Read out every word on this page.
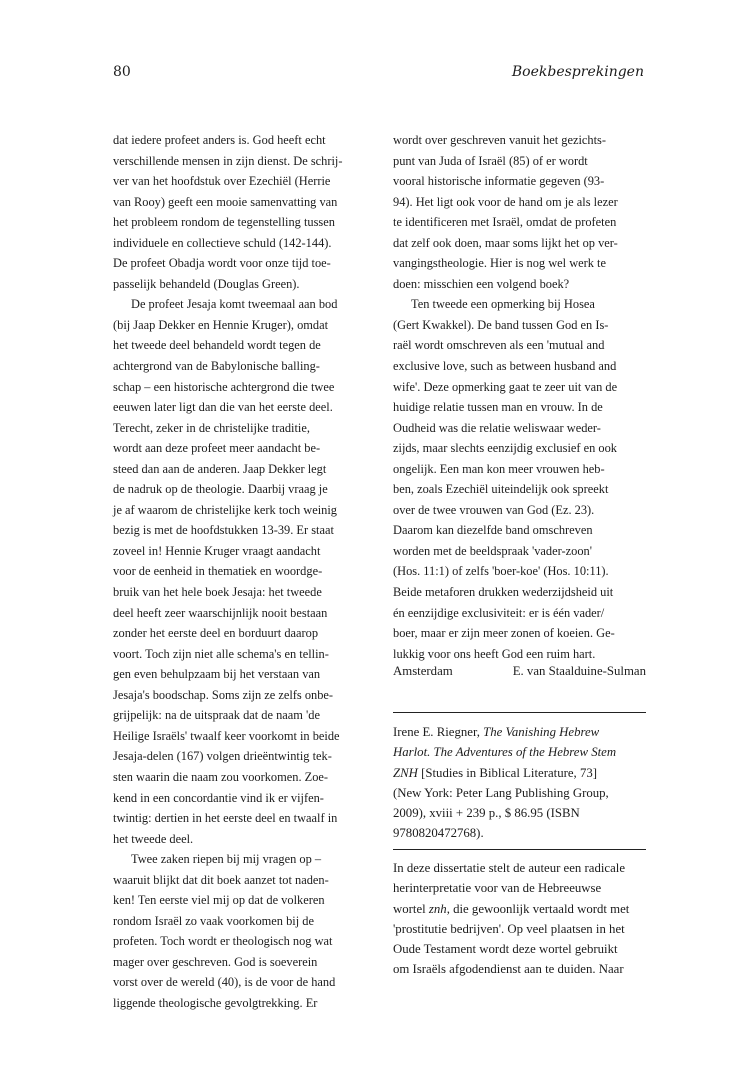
80	Boekbesprekingen
dat iedere profeet anders is. God heeft echt
verschillende mensen in zijn dienst. De schrij-
ver van het hoofdstuk over Ezechiël (Herrie
van Rooy) geeft een mooie samenvatting van
het probleem rondom de tegenstelling tussen
individuele en collectieve schuld (142-144).
De profeet Obadja wordt voor onze tijd toe-
passelijk behandeld (Douglas Green).
De profeet Jesaja komt tweemaal aan bod
(bij Jaap Dekker en Hennie Kruger), omdat
het tweede deel behandeld wordt tegen de
achtergrond van de Babylonische balling-
schap – een historische achtergrond die twee
eeuwen later ligt dan die van het eerste deel.
Terecht, zeker in de christelijke traditie,
wordt aan deze profeet meer aandacht be-
steed dan aan de anderen. Jaap Dekker legt
de nadruk op de theologie. Daarbij vraag je
je af waarom de christelijke kerk toch weinig
bezig is met de hoofdstukken 13-39. Er staat
zoveel in! Hennie Kruger vraagt aandacht
voor de eenheid in thematiek en woordge-
bruik van het hele boek Jesaja: het tweede
deel heeft zeer waarschijnlijk nooit bestaan
zonder het eerste deel en borduurt daarop
voort. Toch zijn niet alle schema's en tellin-
gen even behulpzaam bij het verstaan van
Jesaja's boodschap. Soms zijn ze zelfs onbe-
grijpelijk: na de uitspraak dat de naam 'de
Heilige Israëls' twaalf keer voorkomt in beide
Jesaja-delen (167) volgen drieëntwintig tek-
sten waarin die naam zou voorkomen. Zoe-
kend in een concordantie vind ik er vijfen-
twintig: dertien in het eerste deel en twaalf in
het tweede deel.
Twee zaken riepen bij mij vragen op –
waaruit blijkt dat dit boek aanzet tot naden-
ken! Ten eerste viel mij op dat de volkeren
rondom Israël zo vaak voorkomen bij de
profeten. Toch wordt er theologisch nog wat
mager over geschreven. God is soeverein
vorst over de wereld (40), is de voor de hand
liggende theologische gevolgtrekking. Er
wordt over geschreven vanuit het gezichts-
punt van Juda of Israël (85) of er wordt
vooral historische informatie gegeven (93-
94). Het ligt ook voor de hand om je als lezer
te identificeren met Israël, omdat de profeten
dat zelf ook doen, maar soms lijkt het op ver-
vangingstheologie. Hier is nog wel werk te
doen: misschien een volgend boek?
Ten tweede een opmerking bij Hosea
(Gert Kwakkel). De band tussen God en Is-
raël wordt omschreven als een 'mutual and
exclusive love, such as between husband and
wife'. Deze opmerking gaat te zeer uit van de
huidige relatie tussen man en vrouw. In de
Oudheid was die relatie weliswaar weder-
zijds, maar slechts eenzijdig exclusief en ook
ongelijk. Een man kon meer vrouwen heb-
ben, zoals Ezechiël uiteindelijk ook spreekt
over de twee vrouwen van God (Ez. 23).
Daarom kan diezelfde band omschreven
worden met de beeldspraak 'vader-zoon'
(Hos. 11:1) of zelfs 'boer-koe' (Hos. 10:11).
Beide metaforen drukken wederzijdsheid uit
én eenzijdige exclusiviteit: er is één vader/
boer, maar er zijn meer zonen of koeien. Ge-
lukkig voor ons heeft God een ruim hart.
Amsterdam	E. van Staalduine-Sulman
Irene E. Riegner, The Vanishing Hebrew
Harlot. The Adventures of the Hebrew Stem
ZNH [Studies in Biblical Literature, 73]
(New York: Peter Lang Publishing Group,
2009), xviii + 239 p., $ 86.95 (ISBN
9780820472768).
In deze dissertatie stelt de auteur een radicale
herinterpretatie voor van de Hebreeuwse
wortel znh, die gewoonlijk vertaald wordt met
'prostitutie bedrijven'. Op veel plaatsen in het
Oude Testament wordt deze wortel gebruikt
om Israëls afgodendienst aan te duiden. Naar
